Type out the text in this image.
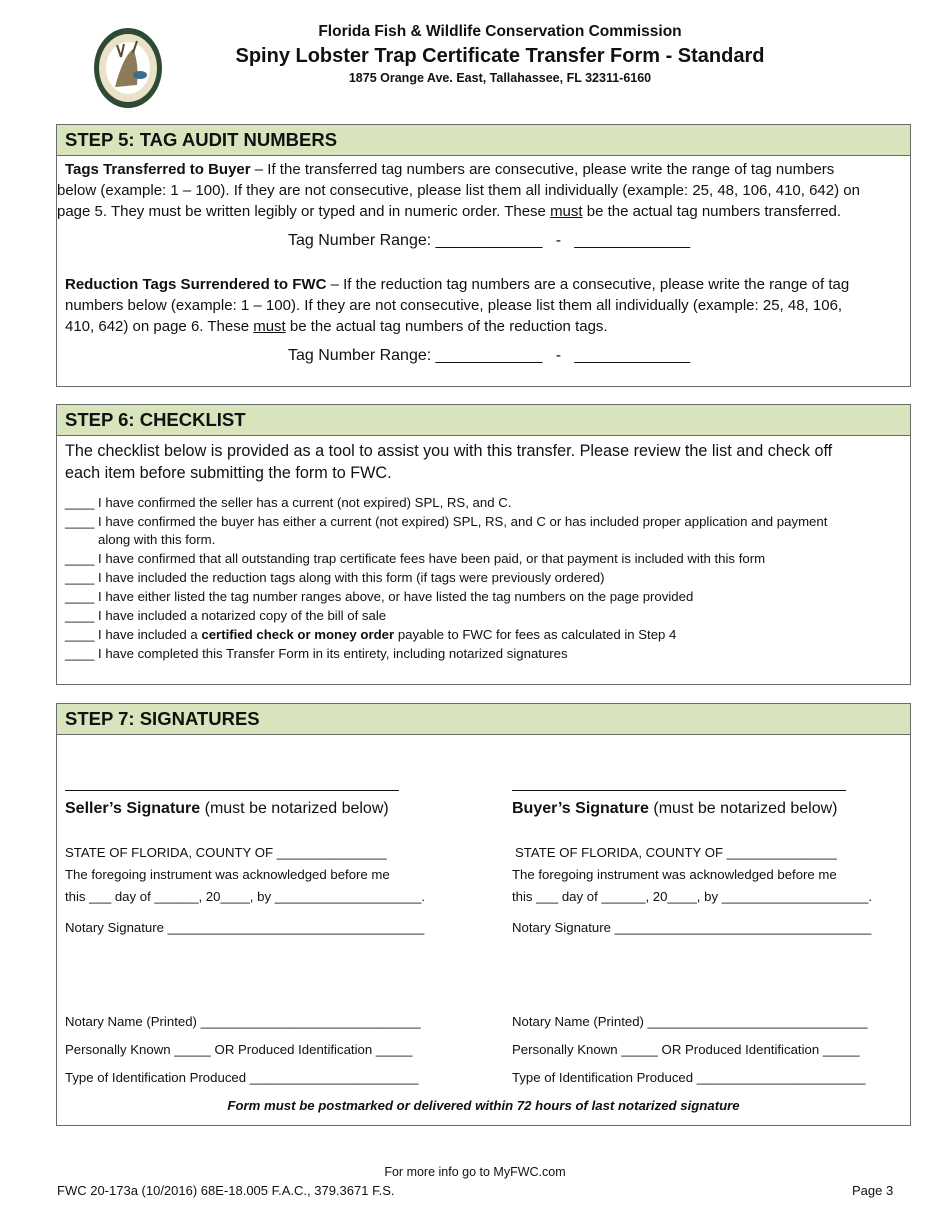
Florida Fish & Wildlife Conservation Commission
Spiny Lobster Trap Certificate Transfer Form - Standard
1875 Orange Ave. East, Tallahassee, FL 32311-6160
STEP 5: TAG AUDIT NUMBERS
Tags Transferred to Buyer – If the transferred tag numbers are consecutive, please write the range of tag numbers
below (example: 1 – 100). If they are not consecutive, please list them all individually (example: 25, 48, 106, 410, 642) on
page 5. They must be written legibly or typed and in numeric order. These must be the actual tag numbers transferred.
Tag Number Range: ____________   -   _____________
Reduction Tags Surrendered to FWC – If the reduction tag numbers are a consecutive, please write the range of tag
numbers below (example: 1 – 100). If they are not consecutive, please list them all individually (example: 25, 48, 106,
410, 642) on page 6. These must be the actual tag numbers of the reduction tags.
Tag Number Range: ____________   -   _____________
STEP 6: CHECKLIST
The checklist below is provided as a tool to assist you with this transfer. Please review the list and check off
each item before submitting the form to FWC.
____ I have confirmed the seller has a current (not expired) SPL, RS, and C.
____ I have confirmed the buyer has either a current (not expired) SPL, RS, and C or has included proper application and payment
along with this form.
____ I have confirmed that all outstanding trap certificate fees have been paid, or that payment is included with this form
____ I have included the reduction tags along with this form (if tags were previously ordered)
____ I have either listed the tag number ranges above, or have listed the tag numbers on the page provided
____ I have included a notarized copy of the bill of sale
____ I have included a certified check or money order payable to FWC for fees as calculated in Step 4
____ I have completed this Transfer Form in its entirety, including notarized signatures
STEP 7: SIGNATURES
Seller’s Signature (must be notarized below)
STATE OF FLORIDA, COUNTY OF _______________
The foregoing instrument was acknowledged before me
this ___ day of ______, 20____, by ____________________.
Notary Signature ___________________________________
Notary Name (Printed) ______________________________
Personally Known _____ OR Produced Identification _____
Type of Identification Produced _______________________
Buyer’s Signature (must be notarized below)
STATE OF FLORIDA, COUNTY OF _______________
The foregoing instrument was acknowledged before me
this ___ day of ______, 20____, by ____________________.
Notary Signature ___________________________________
Notary Name (Printed) ______________________________
Personally Known _____ OR Produced Identification _____
Type of Identification Produced _______________________
Form must be postmarked or delivered within 72 hours of last notarized signature
For more info go to MyFWC.com
FWC 20-173a (10/2016) 68E-18.005 F.A.C., 379.3671 F.S.	Page 3
